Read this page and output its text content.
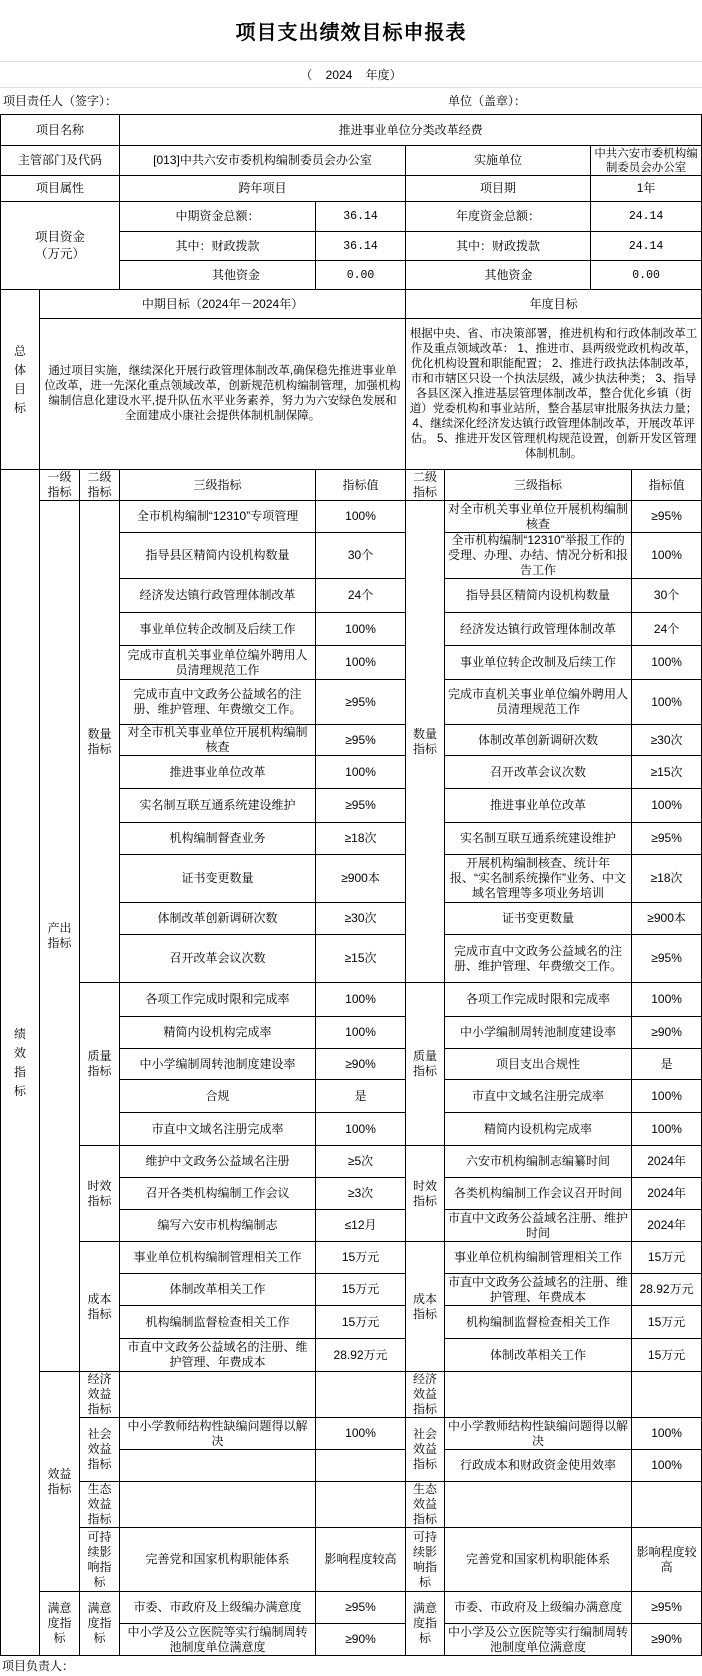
项目支出绩效目标申报表
（    2024    年度）
项目责任人（签字）：	单位（盖章）：
项目名称			推进事业单位分类改革经费					
主管部门及代码			[013]中共六安市委机构编制委员会办公室		实施单位		中共六安市委机构编制委员会办公室	
项目属性			跨年项目		项目期		1年	
项目资金（万元）			中期资金总额：	36.14	年度资金总额：		24.14	
			其中：财政拨款	36.14	其中：财政拨款		24.14	
			其他资金	0.00	其他资金		0.00	
总体目标	中期目标（2024年－2024年）				年度目标			
	通过项目实施，继续深化开展行政管理体制改革,确保稳先推进事业单位改革，进一先深化重点领域改革，创新规范机构编制管理，加强机构编制信息化建设水平,提升队伍水平业务素养，努力为六安绿色发展和全面建成小康社会提供体制机制保障。				根据中央、省、市决策部署，推进机构和行政体制改革工作及重点领域改革： 1、推进市、县两级党政机构改革，优化机构设置和职能配置； 2、推进行政执法体制改革，市和市辖区只设一个执法层级，减少执法种类； 3、指导各县区深入推进基层管理体制改革，整合优化乡镇（街道）党委机构和事业站所，整合基层审批服务执法力量； 4、继续深化经济发达镇行政管理体制改革，开展改革评估。 5、推进开发区管理机构规范设置，创新开发区管理体制机制。			
绩效指标	一级指标	二级指标	三级指标	指标值	二级指标	三级指标		指标值
	产出指标	数量指标	全市机构编制“12310”专项管理	100%	数量指标	对全市机关事业单位开展机构编制核查		≥95%
			指导县区精简内设机构数量	30个		全市机构编制“12310”举报工作的受理、办理、办结、情况分析和报告工作		100%
			经济发达镇行政管理体制改革	24个		指导县区精简内设机构数量		30个
			事业单位转企改制及后续工作	100%		经济发达镇行政管理体制改革		24个
			完成市直机关事业单位编外聘用人员清理规范工作	100%		事业单位转企改制及后续工作		100%
			完成市直中文政务公益域名的注册、维护管理、年费缴交工作。	≥95%		完成市直机关事业单位编外聘用人员清理规范工作		100%
			对全市机关事业单位开展机构编制核查	≥95%		体制改革创新调研次数		≥30次
			推进事业单位改革	100%		召开改革会议次数		≥15次
			实名制互联互通系统建设维护	≥95%		推进事业单位改革		100%
			机构编制督查业务	≥18次		实名制互联互通系统建设维护		≥95%
			证书变更数量	≥900本		开展机构编制核查、统计年报、“实名制系统操作”业务、中文域名管理等多项业务培训		≥18次
			体制改革创新调研次数	≥30次		证书变更数量		≥900本
			召开改革会议次数	≥15次		完成市直中文政务公益域名的注册、维护管理、年费缴交工作。		≥95%
		质量指标	各项工作完成时限和完成率	100%	质量指标	各项工作完成时限和完成率		100%
			精简内设机构完成率	100%		中小学编制周转池制度建设率		≥90%
			中小学编制周转池制度建设率	≥90%		项目支出合规性		是
			合规	是		市直中文域名注册完成率		100%
			市直中文域名注册完成率	100%		精简内设机构完成率		100%
		时效指标	维护中文政务公益域名注册	≥5次	时效指标	六安市机构编制志编纂时间		2024年
			召开各类机构编制工作会议	≥3次		各类机构编制工作会议召开时间		2024年
			编写六安市机构编制志	≤12月		市直中文政务公益域名注册、维护时间		2024年
		成本指标	事业单位机构编制管理相关工作	15万元	成本指标	事业单位机构编制管理相关工作		15万元
			体制改革相关工作	15万元		市直中文政务公益域名的注册、维护管理、年费成本		28.92万元
			机构编制监督检查相关工作	15万元		机构编制监督检查相关工作		15万元
			市直中文政务公益域名的注册、维护管理、年费成本	28.92万元		体制改革相关工作		15万元
	效益指标	经济效益指标			经济效益指标			
		社会效益指标	中小学教师结构性缺编问题得以解决	100%	社会效益指标	中小学教师结构性缺编问题得以解决		100%
						行政成本和财政资金使用效率		100%
		生态效益指标			生态效益指标			
		可持续影响指标	完善党和国家机构职能体系	影响程度较高	可持续影响指标	完善党和国家机构职能体系		影响程度较高
	满意度指标	满意度指标	市委、市政府及上级编办满意度	≥95%	满意度指标	市委、市政府及上级编办满意度		≥95%
			中小学及公立医院等实行编制周转池制度单位满意度	≥90%		中小学及公立医院等实行编制周转池制度单位满意度		≥90%
项目负责人：
